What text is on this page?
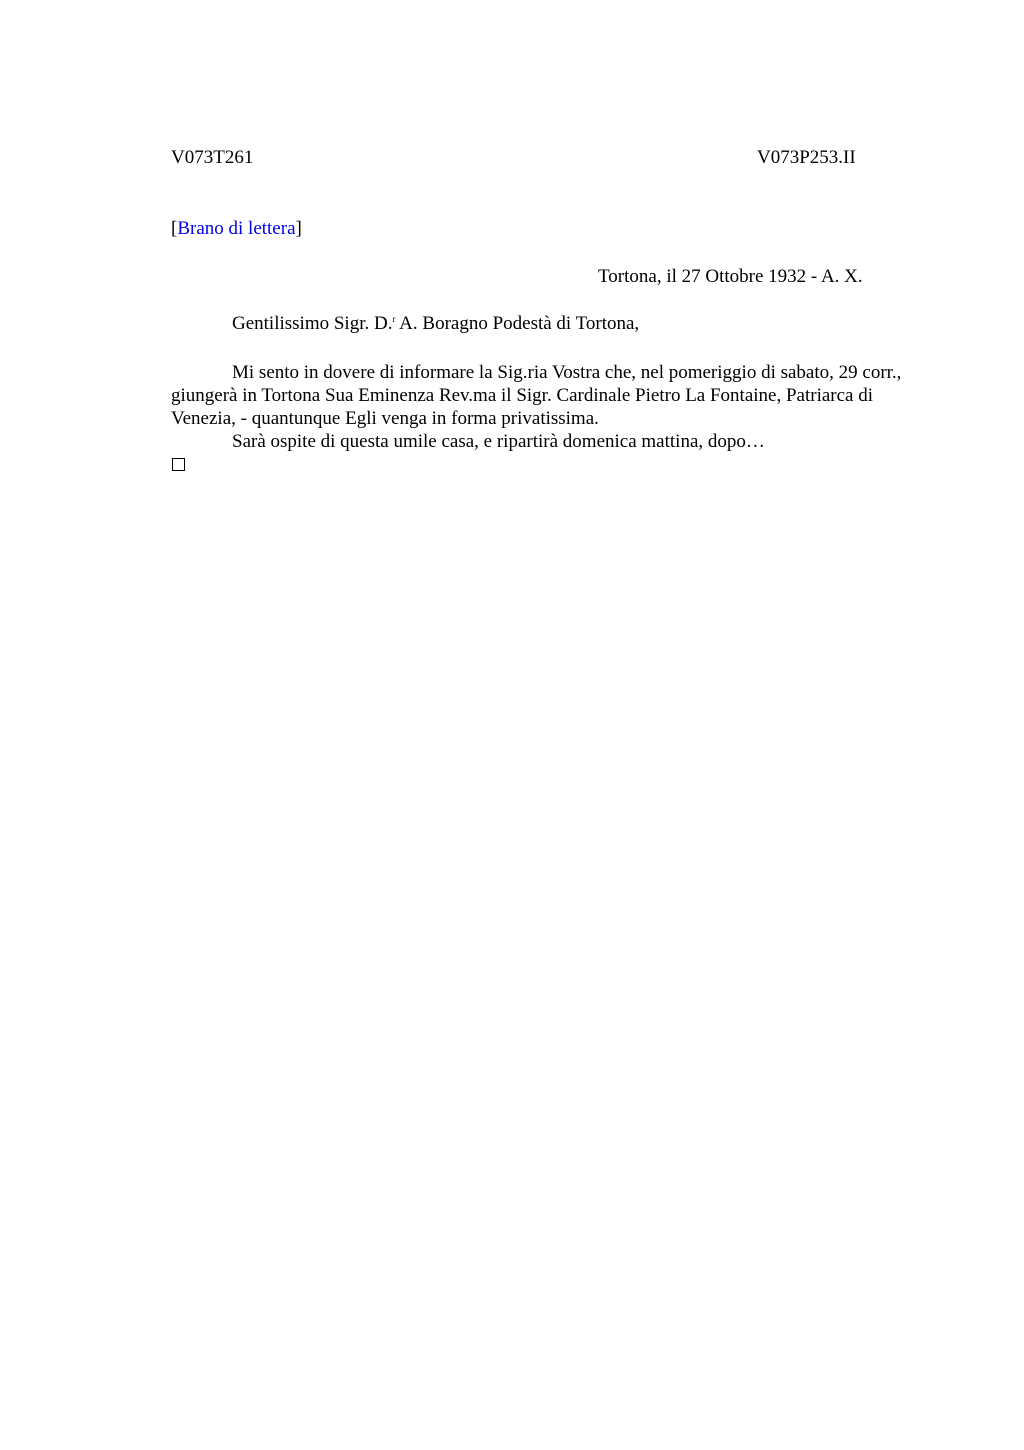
V073T261	V073P253.II
[Brano di lettera]
Tortona, il 27 Ottobre 1932 - A. X.
Gentilissimo Sigr. D.$^r$ A. Boragno Podestà di Tortona,

Mi sento in dovere di informare la Sig.ria Vostra che, nel pomeriggio di sabato, 29 corr., giungerà in Tortona Sua Eminenza Rev.ma il Sigr. Cardinale Pietro La Fontaine, Patriarca di Venezia, - quantunque Egli venga in forma privatissima.

Sarà ospite di questa umile casa, e ripartirà domenica mattina, dopo…
